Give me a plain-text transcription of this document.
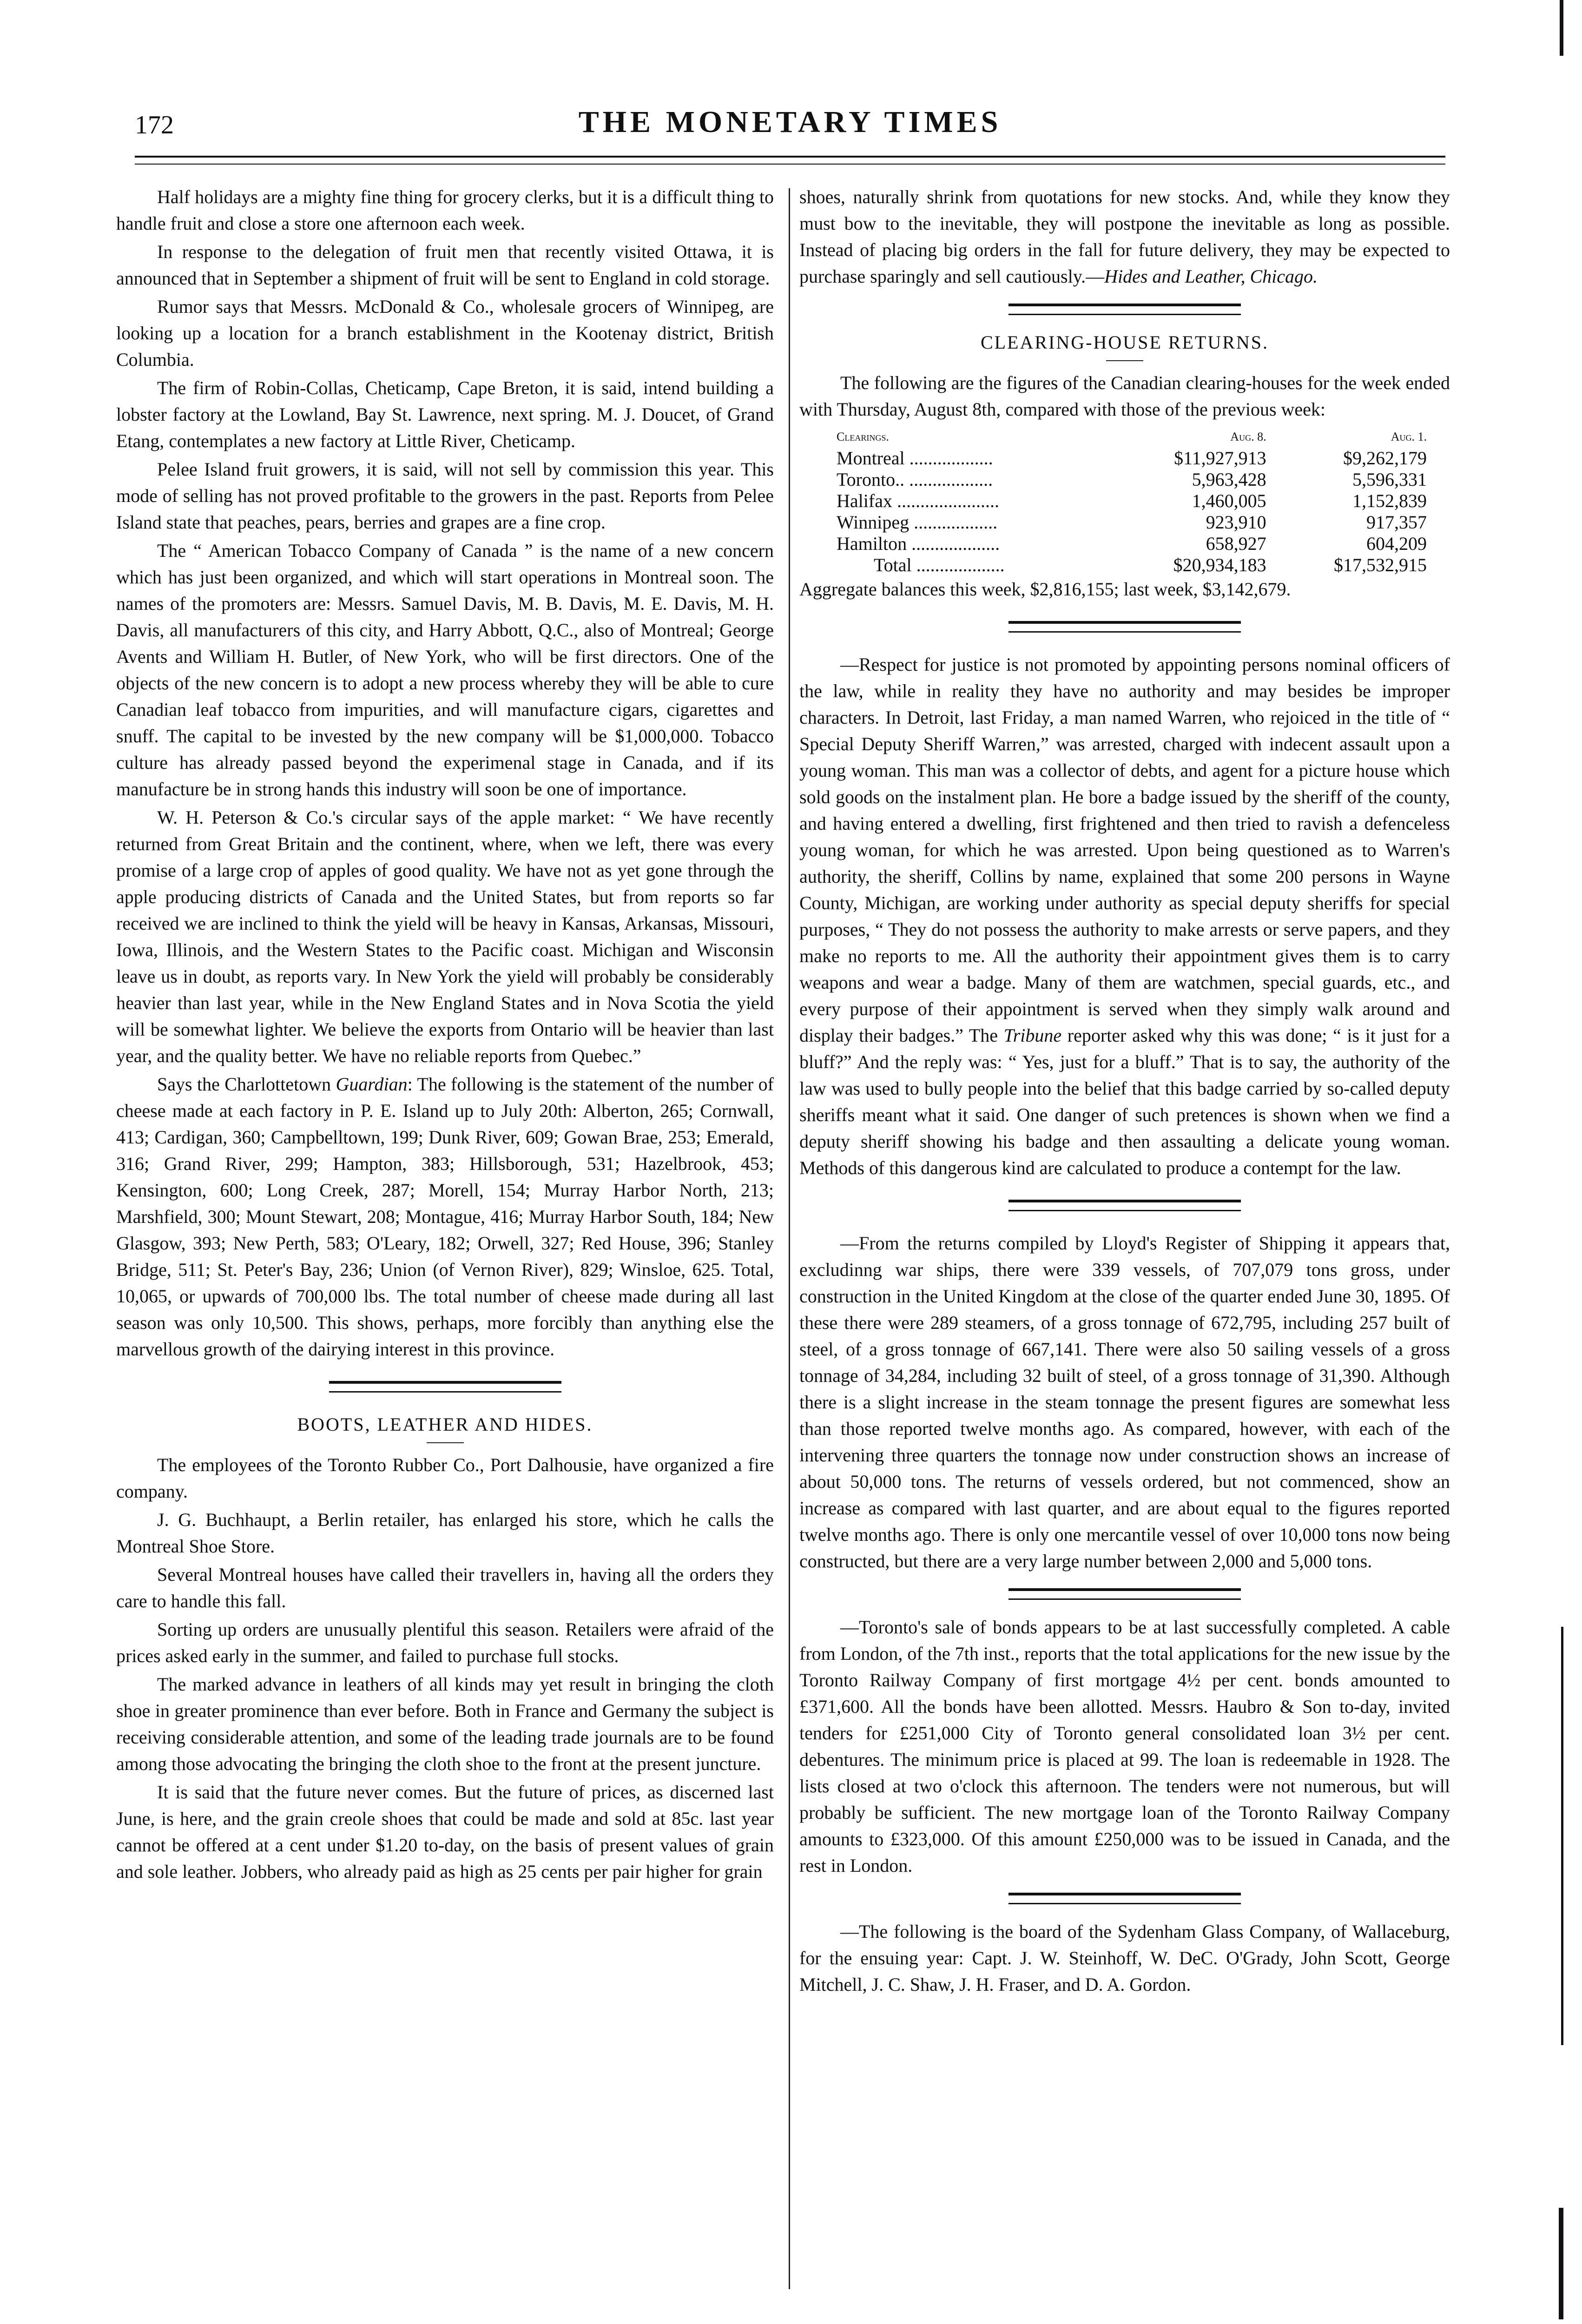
172	THE MONETARY TIMES

Half holidays are a mighty fine thing for grocery clerks, but it is a difficult thing to handle fruit and close a store one afternoon each week.

In response to the delegation of fruit men that recently visited Ottawa, it is announced that in September a shipment of fruit will be sent to England in cold storage.

Rumor says that Messrs. McDonald & Co., wholesale grocers of Winnipeg, are looking up a location for a branch establishment in the Kootenay district, British Columbia.

The firm of Robin-Collas, Cheticamp, Cape Breton, it is said, intend building a lobster factory at the Lowland, Bay St. Lawrence, next spring. M. J. Doucet, of Grand Etang, contemplates a new factory at Little River, Cheticamp.

Pelee Island fruit growers, it is said, will not sell by commission this year. This mode of selling has not proved profitable to the growers in the past. Reports from Pelee Island state that peaches, pears, berries and grapes are a fine crop.

The “ American Tobacco Company of Canada ” is the name of a new concern which has just been organized, and which will start operations in Montreal soon. The names of the promoters are: Messrs. Samuel Davis, M. B. Davis, M. E. Davis, M. H. Davis, all manufacturers of this city, and Harry Abbott, Q.C., also of Montreal; George Avents and William H. Butler, of New York, who will be first directors. One of the objects of the new concern is to adopt a new process whereby they will be able to cure Canadian leaf tobacco from impurities, and will manufacture cigars, cigarettes and snuff. The capital to be invested by the new company will be $1,000,000. Tobacco culture has already passed beyond the experimenal stage in Canada, and if its manufacture be in strong hands this industry will soon be one of importance.

W. H. Peterson & Co.'s circular says of the apple market: “ We have recently returned from Great Britain and the continent, where, when we left, there was every promise of a large crop of apples of good quality. We have not as yet gone through the apple producing districts of Canada and the United States, but from reports so far received we are inclined to think the yield will be heavy in Kansas, Arkansas, Missouri, Iowa, Illinois, and the Western States to the Pacific coast. Michigan and Wisconsin leave us in doubt, as reports vary. In New York the yield will probably be considerably heavier than last year, while in the New England States and in Nova Scotia the yield will be somewhat lighter. We believe the exports from Ontario will be heavier than last year, and the quality better. We have no reliable reports from Quebec.”

Says the Charlottetown Guardian: The following is the statement of the number of cheese made at each factory in P. E. Island up to July 20th: Alberton, 265; Cornwall, 413; Cardigan, 360; Campbelltown, 199; Dunk River, 609; Gowan Brae, 253; Emerald, 316; Grand River, 299; Hampton, 383; Hillsborough, 531; Hazelbrook, 453; Kensington, 600; Long Creek, 287; Morell, 154; Murray Harbor North, 213; Marshfield, 300; Mount Stewart, 208; Montague, 416; Murray Harbor South, 184; New Glasgow, 393; New Perth, 583; O'Leary, 182; Orwell, 327; Red House, 396; Stanley Bridge, 511; St. Peter's Bay, 236; Union (of Vernon River), 829; Winsloe, 625. Total, 10,065, or upwards of 700,000 lbs. The total number of cheese made during all last season was only 10,500. This shows, perhaps, more forcibly than anything else the marvellous growth of the dairying interest in this province.

BOOTS, LEATHER AND HIDES.

The employees of the Toronto Rubber Co., Port Dalhousie, have organized a fire company.

J. G. Buchhaupt, a Berlin retailer, has enlarged his store, which he calls the Montreal Shoe Store.

Several Montreal houses have called their travellers in, having all the orders they care to handle this fall.

Sorting up orders are unusually plentiful this season. Retailers were afraid of the prices asked early in the summer, and failed to purchase full stocks.

The marked advance in leathers of all kinds may yet result in bringing the cloth shoe in greater prominence than ever before. Both in France and Germany the subject is receiving considerable attention, and some of the leading trade journals are to be found among those advocating the bringing the cloth shoe to the front at the present juncture.

It is said that the future never comes. But the future of prices, as discerned last June, is here, and the grain creole shoes that could be made and sold at 85c. last year cannot be offered at a cent under $1.20 to-day, on the basis of present values of grain and sole leather. Jobbers, who already paid as high as 25 cents per pair higher for grain

shoes, naturally shrink from quotations for new stocks. And, while they know they must bow to the inevitable, they will postpone the inevitable as long as possible. Instead of placing big orders in the fall for future delivery, they may be expected to purchase sparingly and sell cautiously.—Hides and Leather, Chicago.

CLEARING-HOUSE RETURNS.

The following are the figures of the Canadian clearing-houses for the week ended with Thursday, August 8th, compared with those of the previous week:

Clearings.	Aug. 8.	Aug. 1.
Montreal ..................	$11,927,913	$9,262,179
Toronto.. ..................	5,963,428	5,596,331
Halifax ......................	1,460,005	1,152,839
Winnipeg ..................	923,910	917,357
Hamilton ...................	658,927	604,209
Total ...................	$20,934,183	$17,532,915

Aggregate balances this week, $2,816,155; last week, $3,142,679.

—Respect for justice is not promoted by appointing persons nominal officers of the law, while in reality they have no authority and may besides be improper characters. In Detroit, last Friday, a man named Warren, who rejoiced in the title of “ Special Deputy Sheriff Warren,” was arrested, charged with indecent assault upon a young woman. This man was a collector of debts, and agent for a picture house which sold goods on the instalment plan. He bore a badge issued by the sheriff of the county, and having entered a dwelling, first frightened and then tried to ravish a defenceless young woman, for which he was arrested. Upon being questioned as to Warren's authority, the sheriff, Collins by name, explained that some 200 persons in Wayne County, Michigan, are working under authority as special deputy sheriffs for special purposes, “ They do not possess the authority to make arrests or serve papers, and they make no reports to me. All the authority their appointment gives them is to carry weapons and wear a badge. Many of them are watchmen, special guards, etc., and every purpose of their appointment is served when they simply walk around and display their badges.” The Tribune reporter asked why this was done; “ is it just for a bluff?” And the reply was: “ Yes, just for a bluff.” That is to say, the authority of the law was used to bully people into the belief that this badge carried by so-called deputy sheriffs meant what it said. One danger of such pretences is shown when we find a deputy sheriff showing his badge and then assaulting a delicate young woman. Methods of this dangerous kind are calculated to produce a contempt for the law.

—From the returns compiled by Lloyd's Register of Shipping it appears that, excludinng war ships, there were 339 vessels, of 707,079 tons gross, under construction in the United Kingdom at the close of the quarter ended June 30, 1895. Of these there were 289 steamers, of a gross tonnage of 672,795, including 257 built of steel, of a gross tonnage of 667,141. There were also 50 sailing vessels of a gross tonnage of 34,284, including 32 built of steel, of a gross tonnage of 31,390. Although there is a slight increase in the steam tonnage the present figures are somewhat less than those reported twelve months ago. As compared, however, with each of the intervening three quarters the tonnage now under construction shows an increase of about 50,000 tons. The returns of vessels ordered, but not commenced, show an increase as compared with last quarter, and are about equal to the figures reported twelve months ago. There is only one mercantile vessel of over 10,000 tons now being constructed, but there are a very large number between 2,000 and 5,000 tons.

—Toronto's sale of bonds appears to be at last successfully completed. A cable from London, of the 7th inst., reports that the total applications for the new issue by the Toronto Railway Company of first mortgage 4½ per cent. bonds amounted to £371,600. All the bonds have been allotted. Messrs. Haubro & Son to-day, invited tenders for £251,000 City of Toronto general consolidated loan 3½ per cent. debentures. The minimum price is placed at 99. The loan is redeemable in 1928. The lists closed at two o'clock this afternoon. The tenders were not numerous, but will probably be sufficient. The new mortgage loan of the Toronto Railway Company amounts to £323,000. Of this amount £250,000 was to be issued in Canada, and the rest in London.

—The following is the board of the Sydenham Glass Company, of Wallaceburg, for the ensuing year: Capt. J. W. Steinhoff, W. DeC. O'Grady, John Scott, George Mitchell, J. C. Shaw, J. H. Fraser, and D. A. Gordon.
